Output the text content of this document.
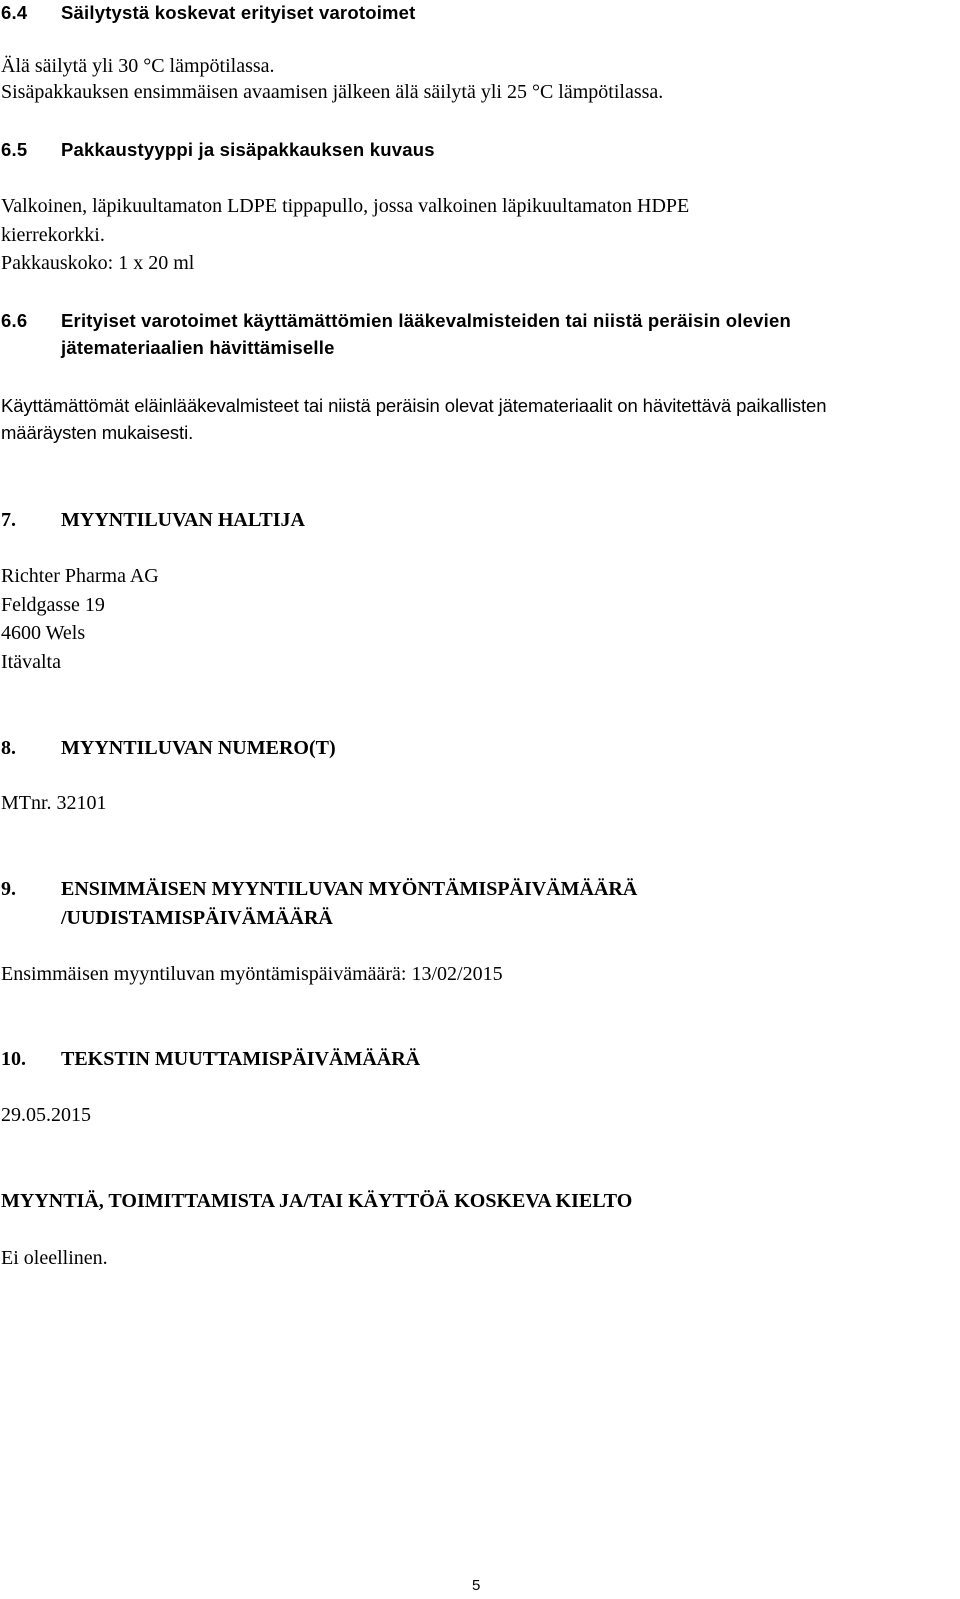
6.4 Säilytystä koskevat erityiset varotoimet
Älä säilytä yli 30 °C lämpötilassa.
Sisäpakkauksen ensimmäisen avaamisen jälkeen älä säilytä yli 25 °C lämpötilassa.
6.5 Pakkaustyyppi ja sisäpakkauksen kuvaus
Valkoinen, läpikuultamaton LDPE tippapullo, jossa valkoinen läpikuultamaton HDPE
kierrekorkki.
Pakkauskoko: 1 x 20 ml
6.6 Erityiset varotoimet käyttämättömien lääkevalmisteiden tai niistä peräisin olevien
jätemateriaalien hävittämiselle
Käyttämättömät eläinlääkevalmisteet tai niistä peräisin olevat jätemateriaalit on hävitettävä paikallisten
määräysten mukaisesti.
7. MYYNTILUVAN HALTIJA
Richter Pharma AG
Feldgasse 19
4600 Wels
Itävalta
8. MYYNTILUVAN NUMERO(T)
MTnr. 32101
9. ENSIMMÄISEN MYYNTILUVAN MYÖNTÄMISPÄIVÄMÄÄRÄ
/UUDISTAMISPÄIVÄMÄÄRÄ
Ensimmäisen myyntiluvan myöntämispäivämäärä: 13/02/2015
10. TEKSTIN MUUTTAMISPÄIVÄMÄÄRÄ
29.05.2015
MYYNTIÄ, TOIMITTAMISTA JA/TAI KÄYTTÖÄ KOSKEVA KIELTO
Ei oleellinen.
5
